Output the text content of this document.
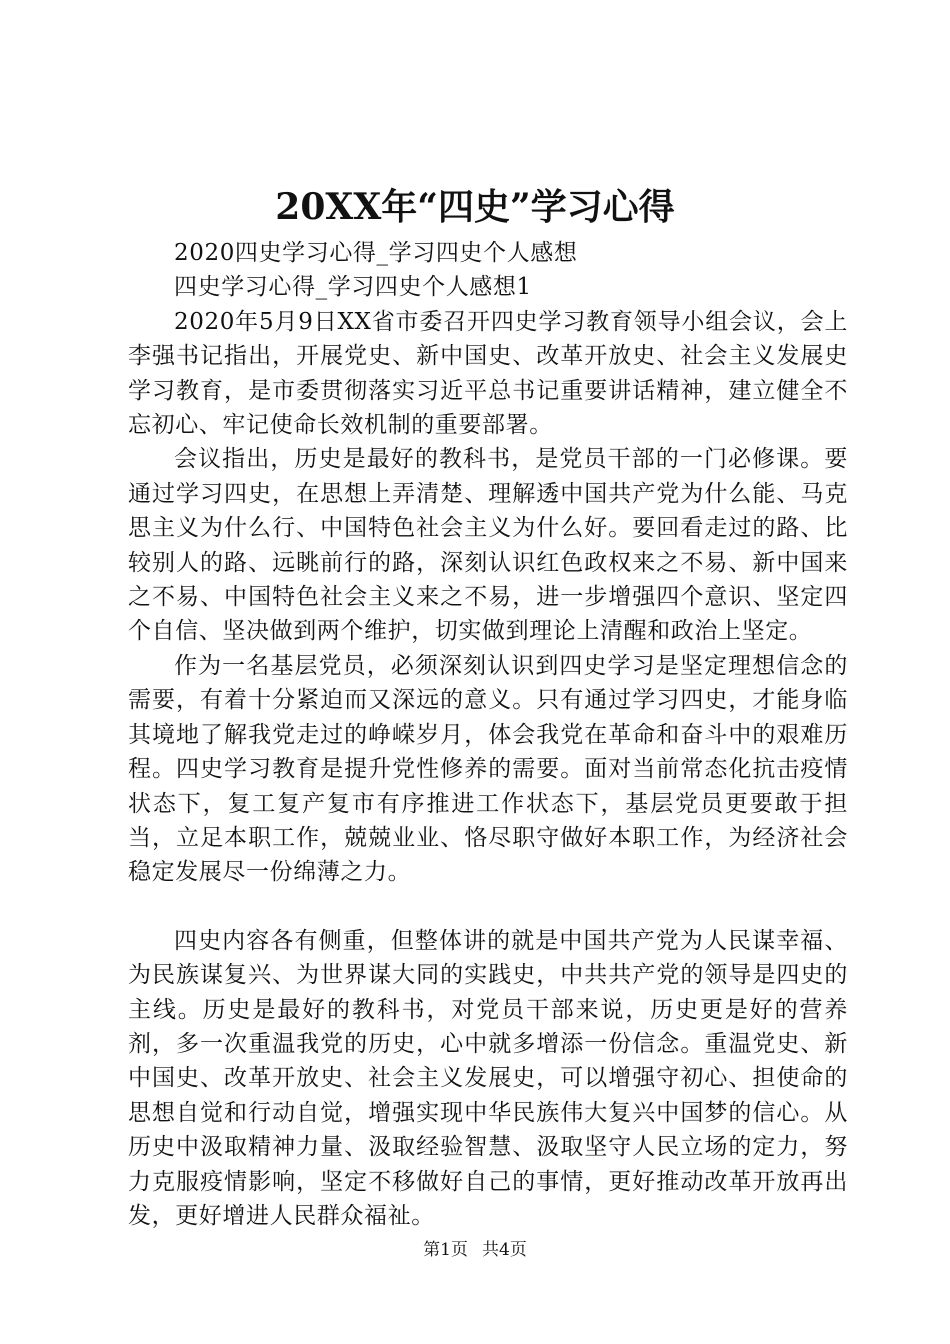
20XX年“四史”学习心得

2020四史学习心得_学习四史个人感想

四史学习心得_学习四史个人感想1

2020年5月9日XX省市委召开四史学习教育领导小组会议，会上李强书记指出，开展党史、新中国史、改革开放史、社会主义发展史学习教育，是市委贯彻落实习近平总书记重要讲话精神，建立健全不忘初心、牢记使命长效机制的重要部署。

会议指出，历史是最好的教科书，是党员干部的一门必修课。要通过学习四史，在思想上弄清楚、理解透中国共产党为什么能、马克思主义为什么行、中国特色社会主义为什么好。要回看走过的路、比较别人的路、远眺前行的路，深刻认识红色政权来之不易、新中国来之不易、中国特色社会主义来之不易，进一步增强四个意识、坚定四个自信、坚决做到两个维护，切实做到理论上清醒和政治上坚定。

作为一名基层党员，必须深刻认识到四史学习是坚定理想信念的需要，有着十分紧迫而又深远的意义。只有通过学习四史，才能身临其境地了解我党走过的峥嵘岁月，体会我党在革命和奋斗中的艰难历程。四史学习教育是提升党性修养的需要。面对当前常态化抗击疫情状态下，复工复产复市有序推进工作状态下，基层党员更要敢于担当，立足本职工作，兢兢业业、恪尽职守做好本职工作，为经济社会稳定发展尽一份绵薄之力。

四史内容各有侧重，但整体讲的就是中国共产党为人民谋幸福、为民族谋复兴、为世界谋大同的实践史，中共共产党的领导是四史的主线。历史是最好的教科书，对党员干部来说，历史更是好的营养剂，多一次重温我党的历史，心中就多增添一份信念。重温党史、新中国史、改革开放史、社会主义发展史，可以增强守初心、担使命的思想自觉和行动自觉，增强实现中华民族伟大复兴中国梦的信心。从历史中汲取精神力量、汲取经验智慧、汲取坚守人民立场的定力，努力克服疫情影响，坚定不移做好自己的事情，更好推动改革开放再出发，更好增进人民群众福祉。

第1页 共4页
